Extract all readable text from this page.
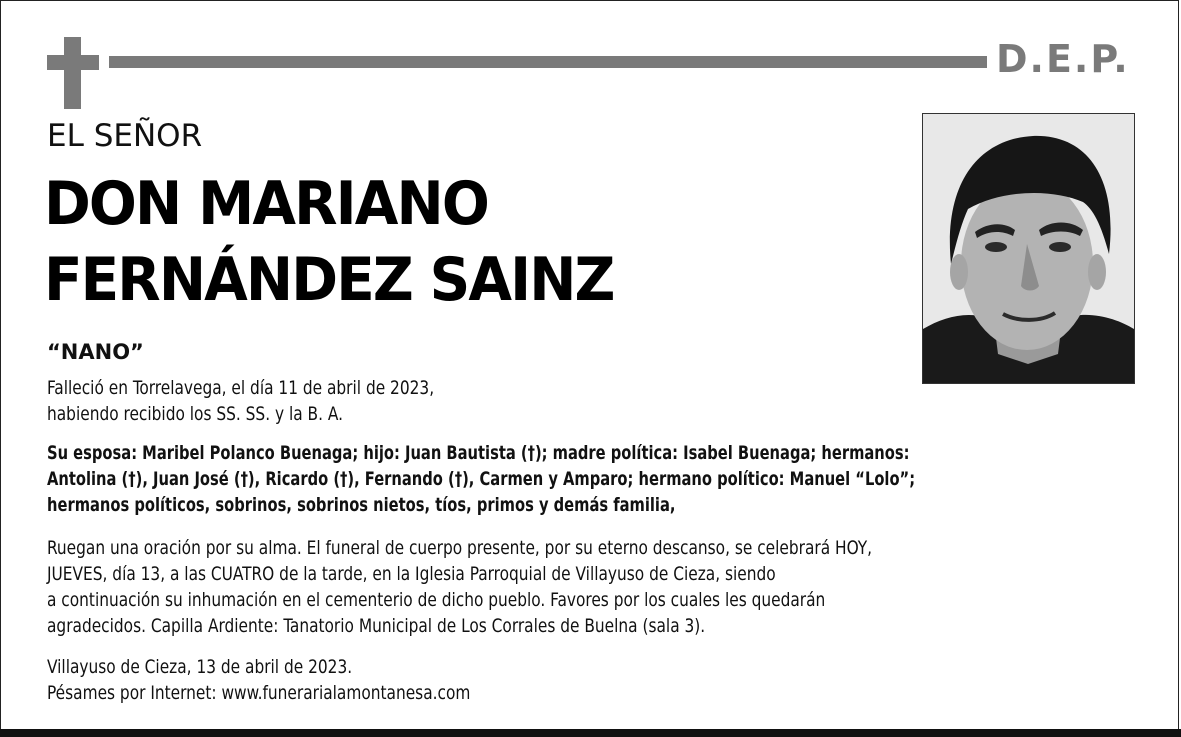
D.E.P.
EL SEÑOR
DON MARIANO
FERNÁNDEZ SAINZ
“NANO”
Falleció en Torrelavega, el día 11 de abril de 2023,
habiendo recibido los SS. SS. y la B. A.
Su esposa: Maribel Polanco Buenaga; hijo: Juan Bautista (†); madre política: Isabel Buenaga; hermanos:
Antolina (†), Juan José (†), Ricardo (†), Fernando (†), Carmen y Amparo; hermano político: Manuel “Lolo”;
hermanos políticos, sobrinos, sobrinos nietos, tíos, primos y demás familia,
Ruegan una oración por su alma. El funeral de cuerpo presente, por su eterno descanso, se celebrará HOY,
JUEVES, día 13, a las CUATRO de la tarde, en la Iglesia Parroquial de Villayuso de Cieza, siendo
a continuación su inhumación en el cementerio de dicho pueblo. Favores por los cuales les quedarán
agradecidos. Capilla Ardiente: Tanatorio Municipal de Los Corrales de Buelna (sala 3).
Villayuso de Cieza, 13 de abril de 2023.
Pésames por Internet: www.funerarialamontanesa.com
